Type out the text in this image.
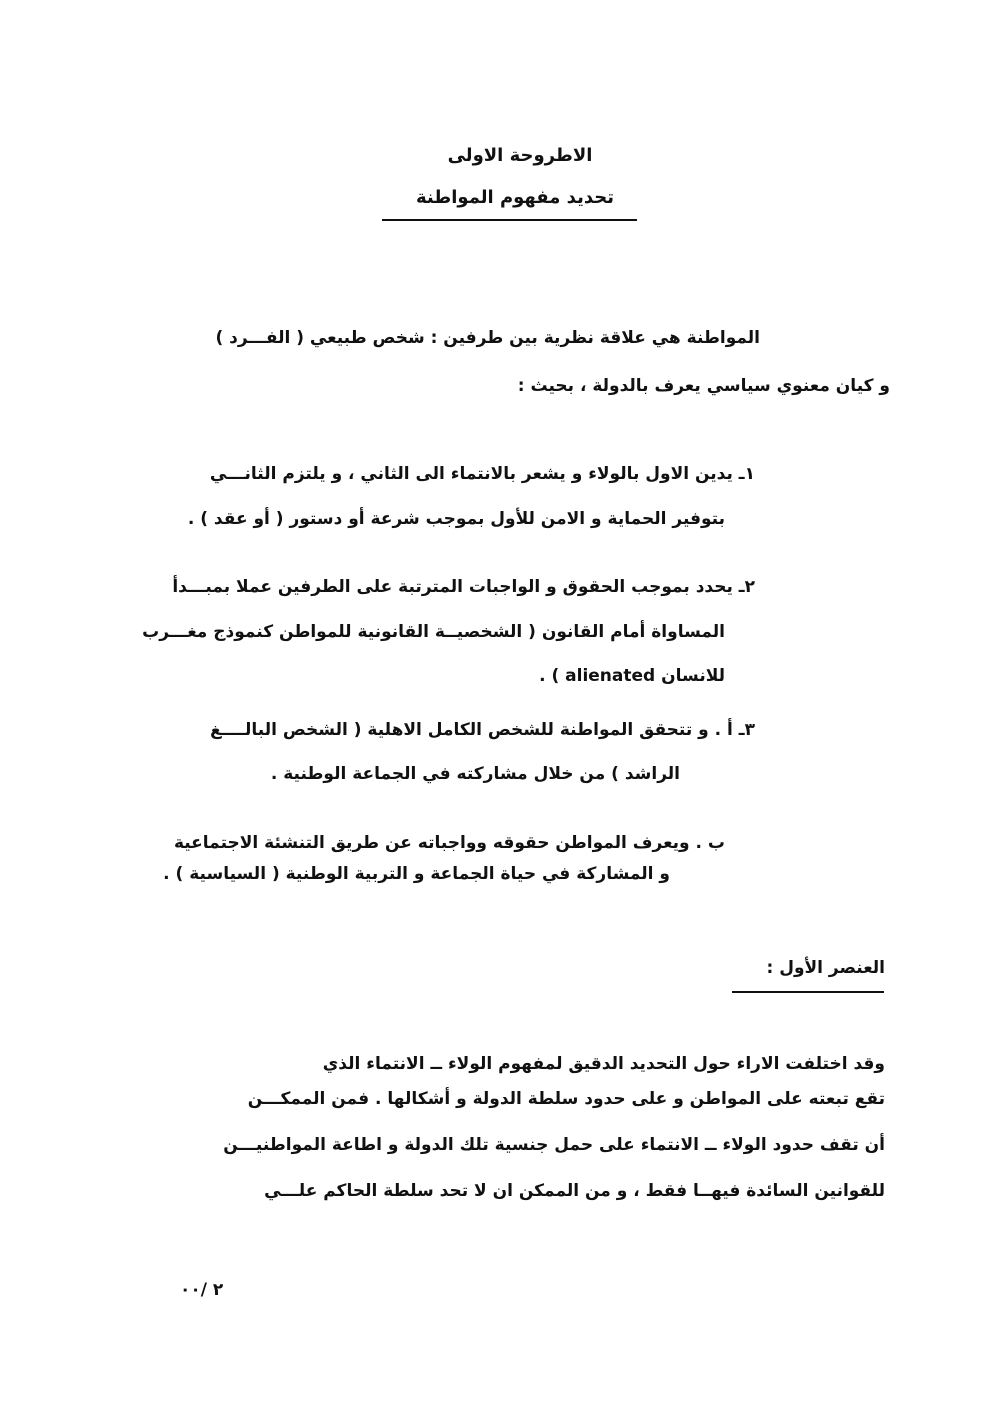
الاطروحة الاولى

تحديد مفهوم المواطنة

المواطنة هي علاقة نظرية بين طرفين : شخص طبيعي ( الفـــرد )

و كيان معنوي سياسي يعرف بالدولة ، بحيث :

١ـ يدين الاول بالولاء و يشعر بالانتماء الى الثاني ، و يلتزم الثانـــي

بتوفير الحماية و الامن للأول بموجب شرعة أو دستور ( أو عقد ) .

٢ـ يحدد بموجب الحقوق و الواجبات المترتبة على الطرفين عملا بمبـــدأ

المساواة أمام القانون ( الشخصيــة القانونية للمواطن كنموذج مغـــرب

للانسان alienated ) .

٣ـ أ . و تتحقق المواطنة للشخص الكامل الاهلية ( الشخص البالــــغ

الراشد ) من خلال مشاركته في الجماعة الوطنية .

ب . ويعرف المواطن حقوقه وواجباته عن طريق التنشئة الاجتماعية

و المشاركة في حياة الجماعة و التربية الوطنية ( السياسية ) .

العنصر الأول :

وقد اختلفت الاراء حول التحديد الدقيق لمفهوم الولاء ــ الانتماء الذي

تقع تبعته على المواطن و على حدود سلطة الدولة و أشكالها . فمن الممكـــن

أن تقف حدود الولاء ــ الانتماء على حمل جنسية تلك الدولة و اطاعة المواطنيـــن

للقوانين السائدة فيهــا فقط ، و من الممكن ان لا تحد سلطة الحاكم علـــي

٢ /٠٠
